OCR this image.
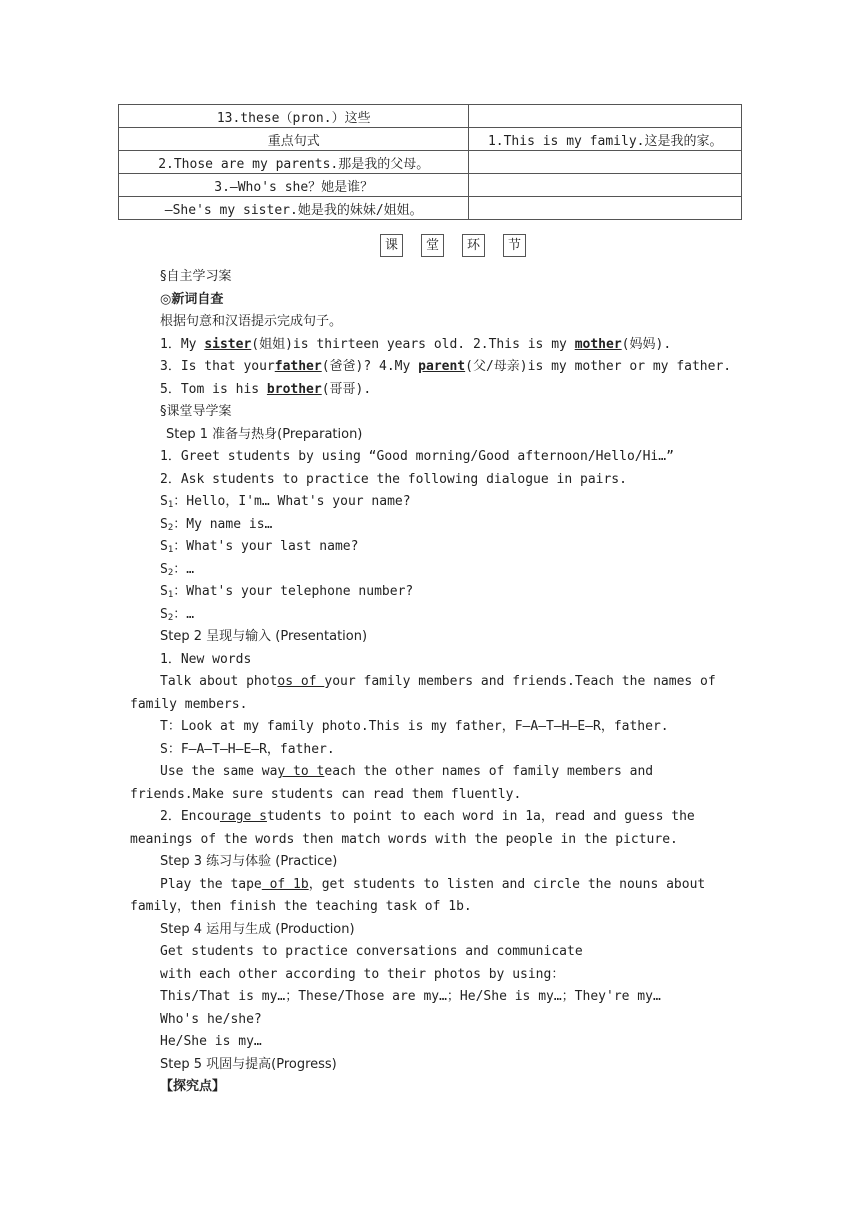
13.these（pron.）这些	
重点句式	1.This is my family.这是我的家。
2.Those are my parents.那是我的父母。	
3.—Who's she？她是谁？	
—She's my sister.她是我的妹妹/姐姐。	
课	堂	环	节
§自主学习案
◎新词自查
根据句意和汉语提示完成句子。
1．My sister(姐姐)is thirteen years old. 2.This is my mother(妈妈).
3．Is that yourfather(爸爸)? 4.My parent(父/母亲)is my mother or my father.
5．Tom is his brother(哥哥).
§课堂导学案
Step 1 准备与热身(Preparation)
1．Greet students by using “Good morning/Good afternoon/Hello/Hi…”
2．Ask students to practice the following dialogue in pairs.
$S_1$：Hello，I'm… What's your name?
$S_2$：My name is…
$S_1$：What's your last name?
$S_2$：…
$S_1$：What's your telephone number?
$S_2$：…
Step 2 呈现与输入 (Presentation)
1．New words
Talk about photos of your family members and friends.Teach the names of family members.
T：Look at my family photo.This is my father，F—A—T—H—E—R，father.
S：F—A—T—H—E—R，father.
Use the same way to teach the other names of family members and friends.Make sure students can read them fluently.
2．Encourage students to point to each word in 1a，read and guess the meanings of the words then match words with the people in the picture.
Step 3 练习与体验 (Practice)
Play the tape of 1b，get students to listen and circle the nouns about family，then finish the teaching task of 1b.
Step 4 运用与生成 (Production)
Get students to practice conversations and communicate
with each other according to their photos by using：
This/That is my…；These/Those are my…；He/She is my…；They're my…
Who's he/she?
He/She is my…
Step 5 巩固与提高(Progress)
【探究点】
